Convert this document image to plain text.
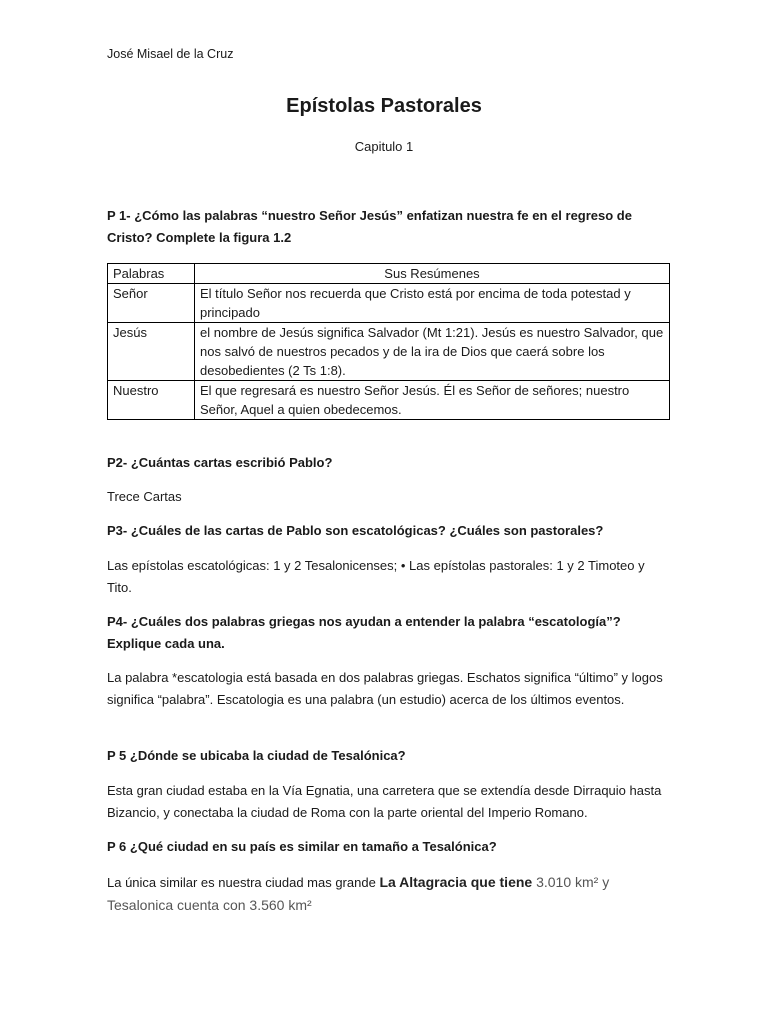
José Misael de la Cruz
Epístolas Pastorales
Capitulo 1
P 1- ¿Cómo las palabras “nuestro Señor Jesús” enfatizan nuestra fe en el regreso de Cristo? Complete la figura 1.2
Palabras	Sus Resúmenes
Señor	El título Señor nos recuerda que Cristo está por encima de toda potestad y principado
Jesús	el nombre de Jesús significa Salvador (Mt 1:21). Jesús es nuestro Salvador, que nos salvó de nuestros pecados y de la ira de Dios que caerá sobre los desobedientes (2 Ts 1:8).
Nuestro	El que regresará es nuestro Señor Jesús. Él es Señor de señores; nuestro Señor, Aquel a quien obedecemos.
P2- ¿Cuántas cartas escribió Pablo?
Trece Cartas
P3- ¿Cuáles de las cartas de Pablo son escatológicas? ¿Cuáles son pastorales?
Las epístolas escatológicas: 1 y 2 Tesalonicenses; • Las epístolas pastorales: 1 y 2 Timoteo y Tito.
P4- ¿Cuáles dos palabras griegas nos ayudan a entender la palabra “escatología”? Explique cada una.
La palabra *escatologia está basada en dos palabras griegas. Eschatos significa “último” y logos significa “palabra”. Escatologia es una palabra (un estudio) acerca de los últimos eventos.
P 5 ¿Dónde se ubicaba la ciudad de Tesalónica?
Esta gran ciudad estaba en la Vía Egnatia, una carretera que se extendía desde Dirraquio hasta Bizancio, y conectaba la ciudad de Roma con la parte oriental del Imperio Romano.
P 6 ¿Qué ciudad en su país es similar en tamaño a Tesalónica?
La única similar es nuestra ciudad mas grande La Altagracia que tiene 3.010 km² y Tesalonica cuenta con 3.560 km²
